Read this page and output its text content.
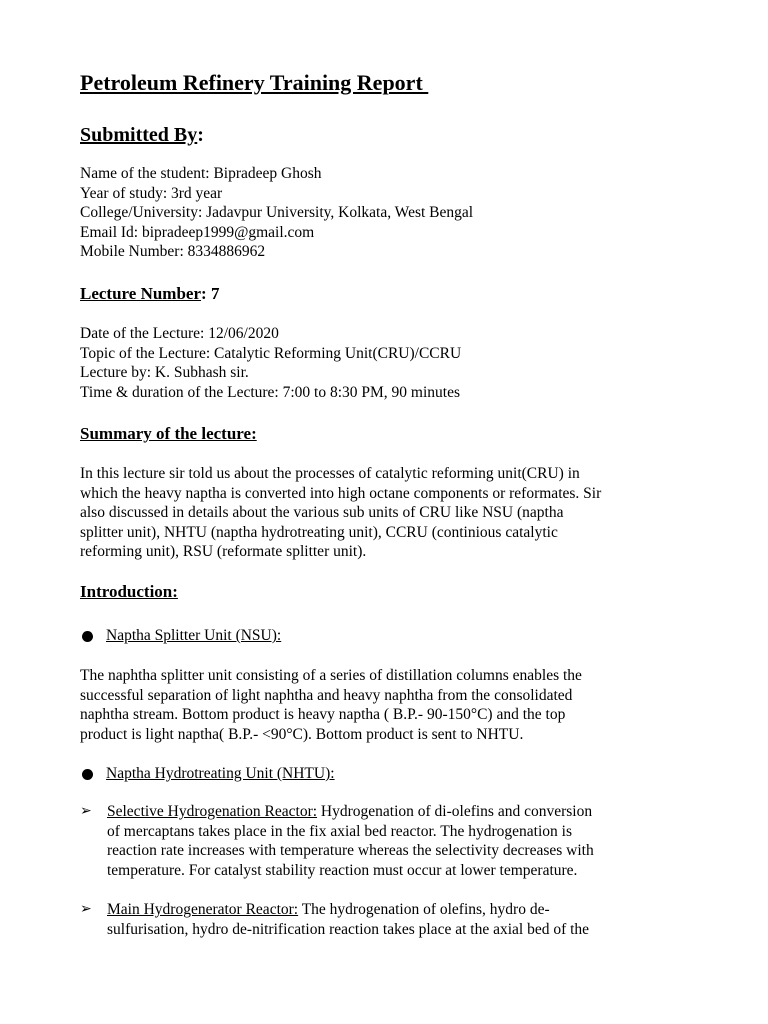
Petroleum Refinery Training Report
Submitted By:
Name of the student: Bipradeep Ghosh
Year of study: 3rd year
College/University: Jadavpur University, Kolkata, West Bengal
Email Id: bipradeep1999@gmail.com
Mobile Number: 8334886962
Lecture Number: 7
Date of the Lecture: 12/06/2020
Topic of the Lecture: Catalytic Reforming Unit(CRU)/CCRU
Lecture by: K. Subhash sir.
Time & duration of the Lecture: 7:00 to 8:30 PM, 90 minutes
Summary of the lecture:
In this lecture sir told us about the processes of catalytic reforming unit(CRU) in
which the heavy naptha is converted into high octane components or reformates. Sir
also discussed in details about the various sub units of CRU like NSU (naptha
splitter unit), NHTU (naptha hydrotreating unit), CCRU (continious catalytic
reforming unit), RSU (reformate splitter unit).
Introduction:
Naptha Splitter Unit (NSU):
The naphtha splitter unit consisting of a series of distillation columns enables the
successful separation of light naphtha and heavy naphtha from the consolidated
naphtha stream. Bottom product is heavy naptha ( B.P.- 90-150°C) and the top
product is light naptha( B.P.- <90°C). Bottom product is sent to NHTU.
Naptha Hydrotreating Unit (NHTU):
➢ Selective Hydrogenation Reactor: Hydrogenation of di-olefins and conversion
of mercaptans takes place in the fix axial bed reactor. The hydrogenation is
reaction rate increases with temperature whereas the selectivity decreases with
temperature. For catalyst stability reaction must occur at lower temperature.
➢ Main Hydrogenerator Reactor: The hydrogenation of olefins, hydro de-
sulfurisation, hydro de-nitrification reaction takes place at the axial bed of the
